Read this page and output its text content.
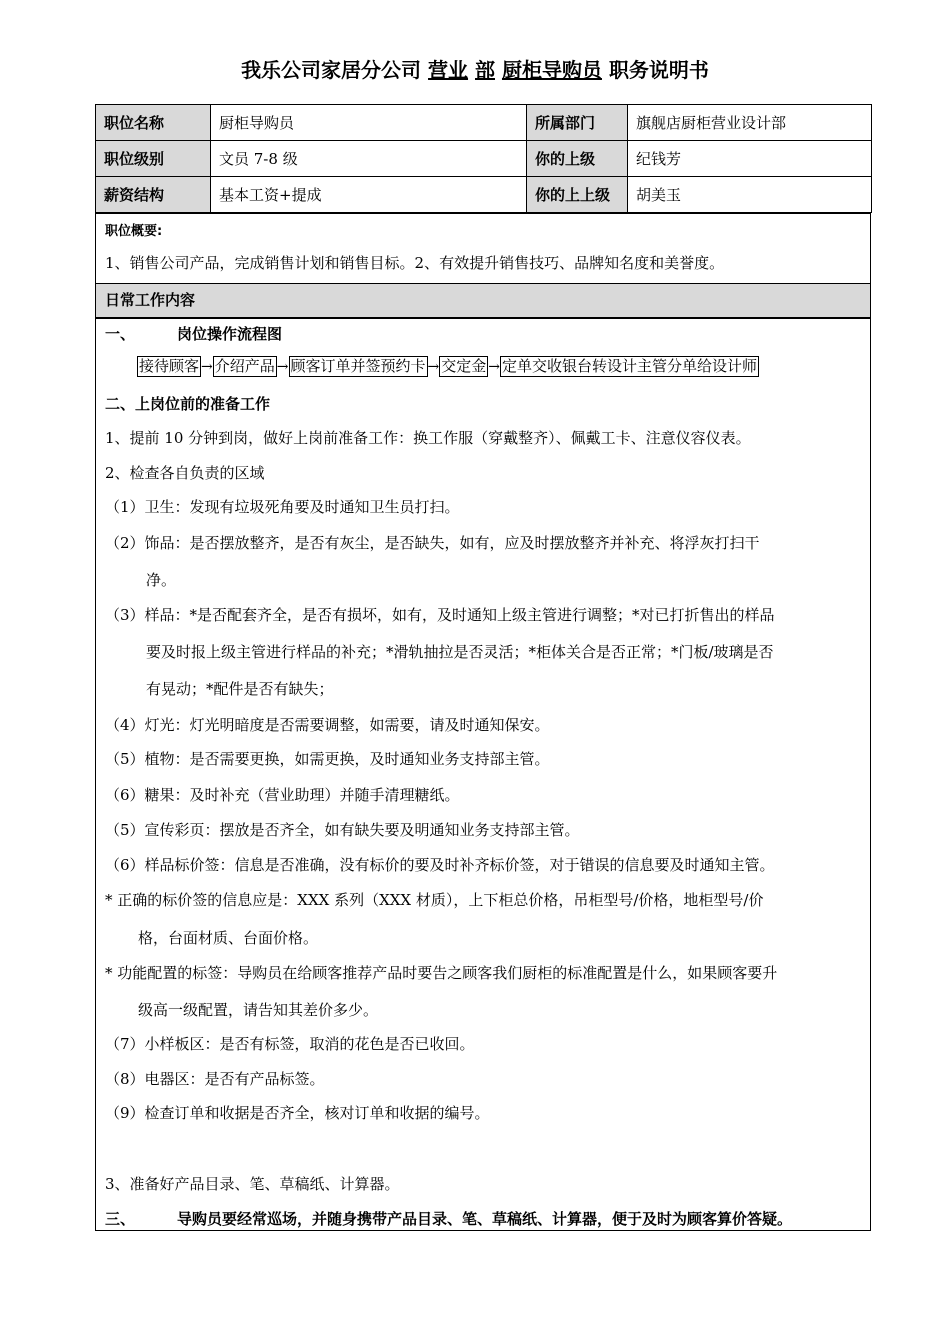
我乐公司家居分公司 营业 部 厨柜导购员 职务说明书
职位名称	厨柜导购员	所属部门	旗舰店厨柜营业设计部
职位级别	文员 7-8 级	你的上级	纪钱芳
薪资结构	基本工资+提成	你的上上级	胡美玉
职位概要:
1、销售公司产品，完成销售计划和销售目标。2、有效提升销售技巧、品牌知名度和美誉度。
日常工作内容
一、	岗位操作流程图
接待顾客 → 介绍产品 → 顾客订单并签预约卡 → 交定金 → 定单交收银台转设计主管分单给设计师
二、上岗位前的准备工作
1、提前 10 分钟到岗，做好上岗前准备工作：换工作服（穿戴整齐）、佩戴工卡、注意仪容仪表。
2、检查各自负责的区域
（1）卫生：发现有垃圾死角要及时通知卫生员打扫。
（2）饰品：是否摆放整齐，是否有灰尘，是否缺失，如有，应及时摆放整齐并补充、将浮灰打扫干
净。
（3）样品：*是否配套齐全，是否有损坏，如有，及时通知上级主管进行调整；*对已打折售出的样品
要及时报上级主管进行样品的补充；*滑轨抽拉是否灵活；*柜体关合是否正常；*门板/玻璃是否
有晃动；*配件是否有缺失；
（4）灯光：灯光明暗度是否需要调整，如需要，请及时通知保安。
（5）植物：是否需要更换，如需更换，及时通知业务支持部主管。
（6）糖果：及时补充（营业助理）并随手清理糖纸。
（5）宣传彩页：摆放是否齐全，如有缺失要及明通知业务支持部主管。
（6）样品标价签：信息是否准确，没有标价的要及时补齐标价签，对于错误的信息要及时通知主管。
* 正确的标价签的信息应是：XXX 系列（XXX 材质），上下柜总价格，吊柜型号/价格，地柜型号/价
格，台面材质、台面价格。
* 功能配置的标签：导购员在给顾客推荐产品时要告之顾客我们厨柜的标准配置是什么，如果顾客要升
级高一级配置，请告知其差价多少。
（7）小样板区：是否有标签，取消的花色是否已收回。
（8）电器区：是否有产品标签。
（9）检查订单和收据是否齐全，核对订单和收据的编号。
3、准备好产品目录、笔、草稿纸、计算器。
三、	导购员要经常巡场，并随身携带产品目录、笔、草稿纸、计算器，便于及时为顾客算价答疑。
